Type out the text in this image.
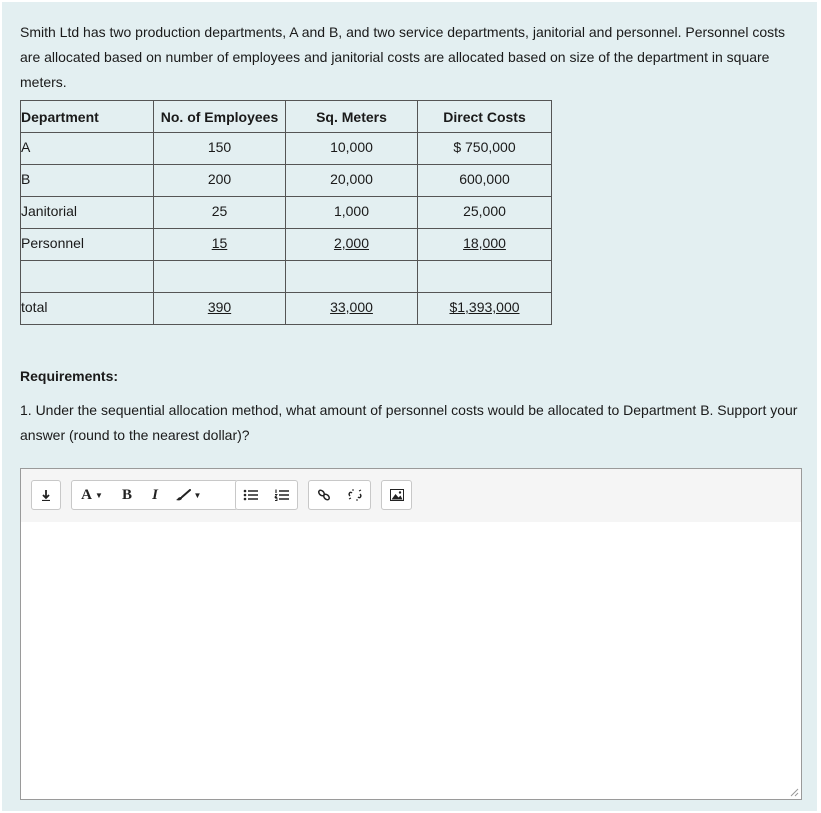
Smith Ltd has two production departments, A and B, and two service departments, janitorial and personnel. Personnel costs are allocated based on number of employees and janitorial costs are allocated based on size of the department in square meters.

Department	No. of Employees	Sq. Meters	Direct Costs
A	150	10,000	$ 750,000
B	200	20,000	600,000
Janitorial	25	1,000	25,000
Personnel	15	2,000	18,000

total	390	33,000	$1,393,000

Requirements:

1. Under the sequential allocation method, what amount of personnel costs would be allocated to Department B. Support your answer (round to the nearest dollar)?

A ▼ B I	▼
